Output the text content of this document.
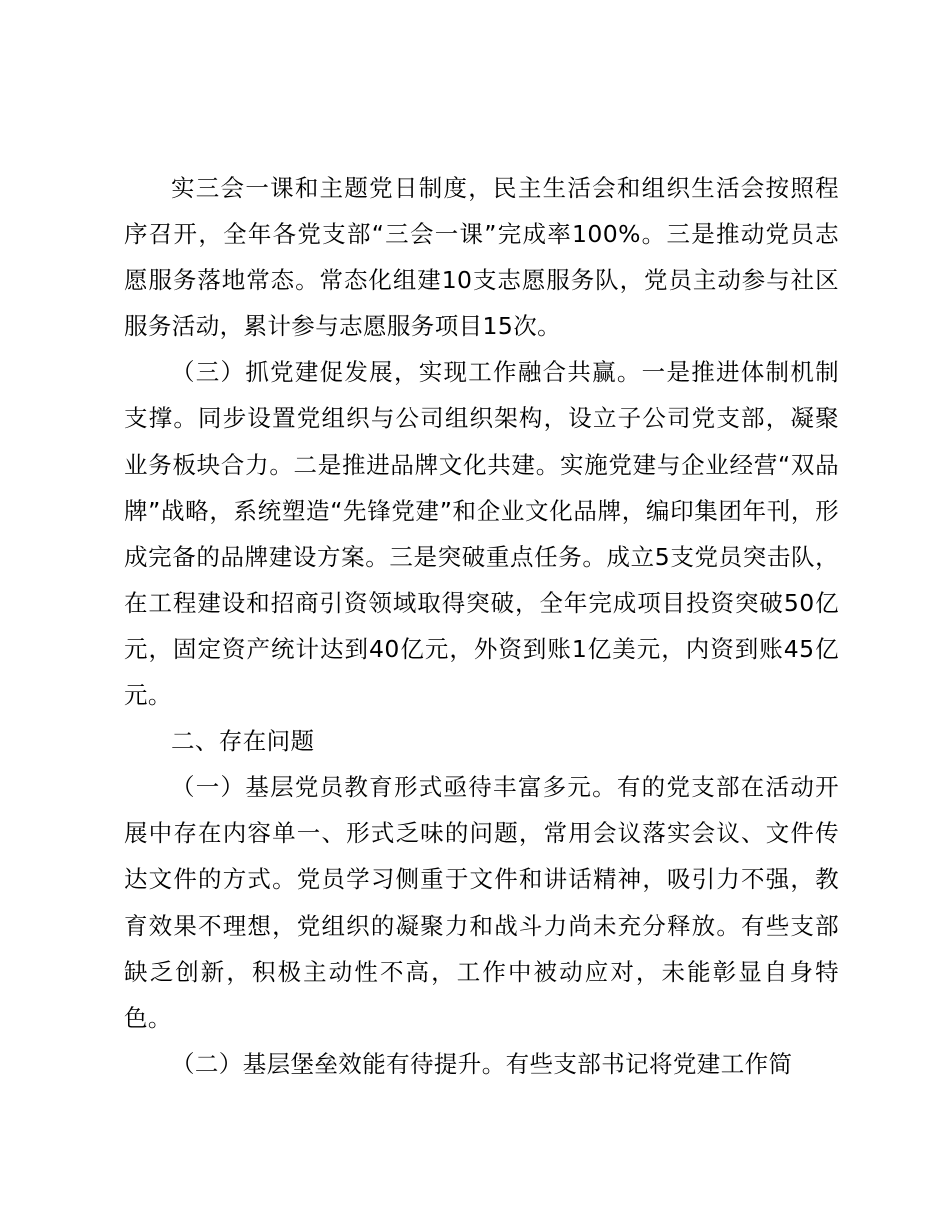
实三会一课和主题党日制度，民主生活会和组织生活会按照程序召开，全年各党支部“三会一课”完成率100%。三是推动党员志愿服务落地常态。常态化组建10支志愿服务队，党员主动参与社区服务活动，累计参与志愿服务项目15次。

（三）抓党建促发展，实现工作融合共赢。一是推进体制机制支撑。同步设置党组织与公司组织架构，设立子公司党支部，凝聚业务板块合力。二是推进品牌文化共建。实施党建与企业经营“双品牌”战略，系统塑造“先锋党建”和企业文化品牌，编印集团年刊，形成完备的品牌建设方案。三是突破重点任务。成立5支党员突击队，在工程建设和招商引资领域取得突破，全年完成项目投资突破50亿元，固定资产统计达到40亿元，外资到账1亿美元，内资到账45亿元。

二、存在问题

（一）基层党员教育形式亟待丰富多元。有的党支部在活动开展中存在内容单一、形式乏味的问题，常用会议落实会议、文件传达文件的方式。党员学习侧重于文件和讲话精神，吸引力不强，教育效果不理想，党组织的凝聚力和战斗力尚未充分释放。有些支部缺乏创新，积极主动性不高，工作中被动应对，未能彰显自身特色。

（二）基层堡垒效能有待提升。有些支部书记将党建工作简
